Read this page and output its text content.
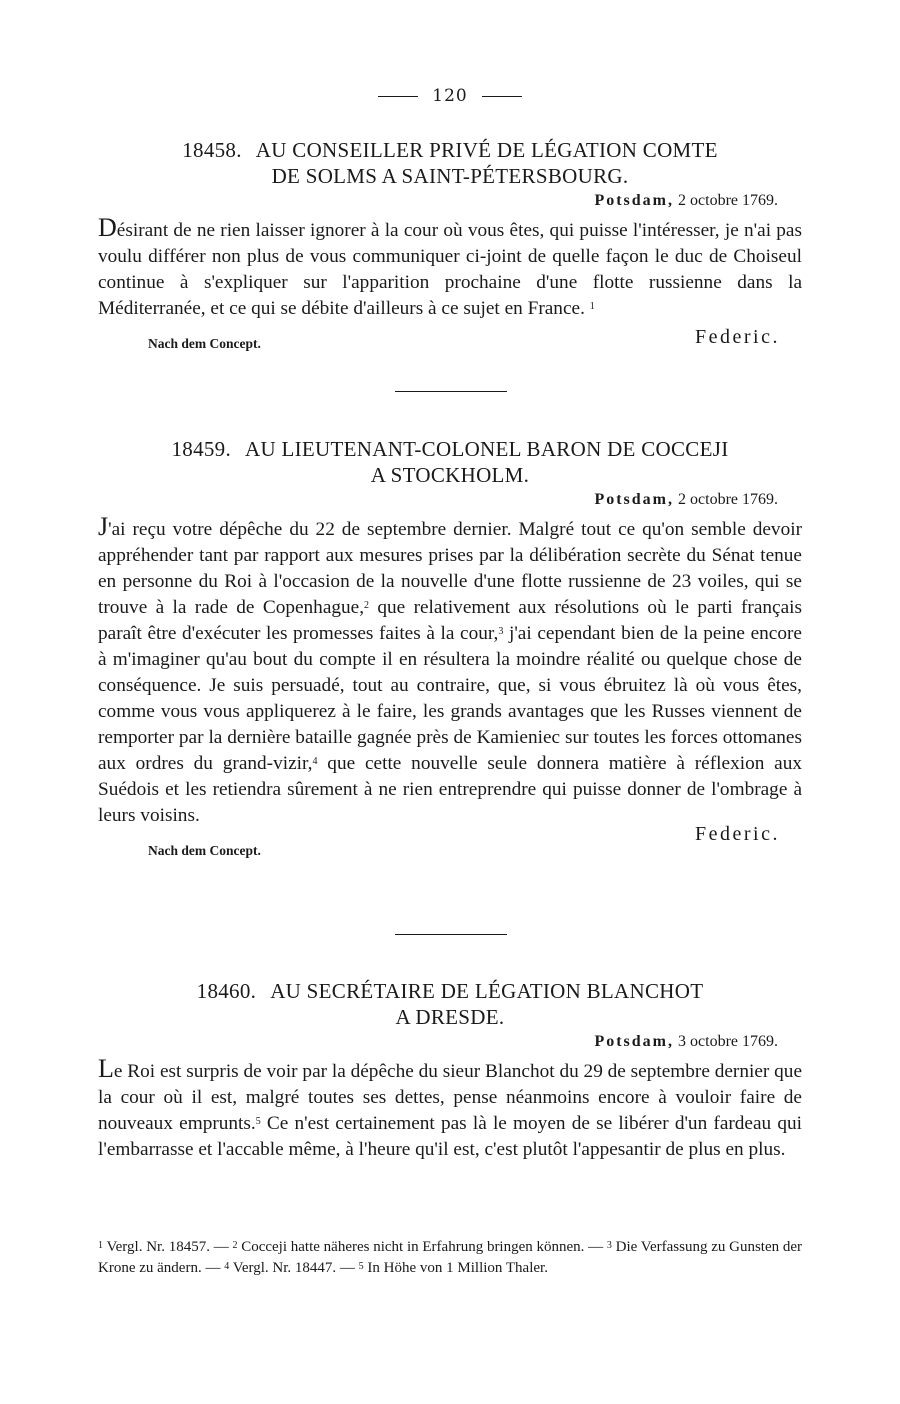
120
18458. AU CONSEILLER PRIVÉ DE LÉGATION COMTE
DE SOLMS A SAINT-PÉTERSBOURG.
Potsdam, 2 octobre 1769.
Désirant de ne rien laisser ignorer à la cour où vous êtes, qui puisse l'intéresser, je n'ai pas voulu différer non plus de vous communiquer ci-joint de quelle façon le duc de Choiseul continue à s'expliquer sur l'apparition prochaine d'une flotte russienne dans la Méditerranée, et ce qui se débite d'ailleurs à ce sujet en France. $^1$
Nach dem Concept.	Federic.
18459. AU LIEUTENANT-COLONEL BARON DE COCCEJI
A STOCKHOLM.
Potsdam, 2 octobre 1769.
J'ai reçu votre dépêche du 22 de septembre dernier. Malgré tout ce qu'on semble devoir appréhender tant par rapport aux mesures prises par la délibération secrète du Sénat tenue en personne du Roi à l'occasion de la nouvelle d'une flotte russienne de 23 voiles, qui se trouve à la rade de Copenhague,$^2$ que relativement aux résolutions où le parti français paraît être d'exécuter les promesses faites à la cour,$^3$ j'ai cependant bien de la peine encore à m'imaginer qu'au bout du compte il en résultera la moindre réalité ou quelque chose de conséquence. Je suis persuadé, tout au contraire, que, si vous ébruitez là où vous êtes, comme vous vous appliquerez à le faire, les grands avantages que les Russes viennent de remporter par la dernière bataille gagnée près de Kamieniec sur toutes les forces ottomanes aux ordres du grand-vizir,$^4$ que cette nouvelle seule donnera matière à réflexion aux Suédois et les retiendra sûrement à ne rien entreprendre qui puisse donner de l'ombrage à leurs voisins.
Nach dem Concept.
Federic.
18460. AU SECRÉTAIRE DE LÉGATION BLANCHOT
A DRESDE.
Potsdam, 3 octobre 1769.
Le Roi est surpris de voir par la dépêche du sieur Blanchot du 29 de septembre dernier que la cour où il est, malgré toutes ses dettes, pense néanmoins encore à vouloir faire de nouveaux emprunts.$^5$ Ce n'est certainement pas là le moyen de se libérer d'un fardeau qui l'embarrasse et l'accable même, à l'heure qu'il est, c'est plutôt l'appesantir de plus en plus.
$^1$ Vergl. Nr. 18457. — $^2$ Cocceji hatte näheres nicht in Erfahrung bringen können. — $^3$ Die Verfassung zu Gunsten der Krone zu ändern. — $^4$ Vergl. Nr. 18447. — $^5$ In Höhe von 1 Million Thaler.
